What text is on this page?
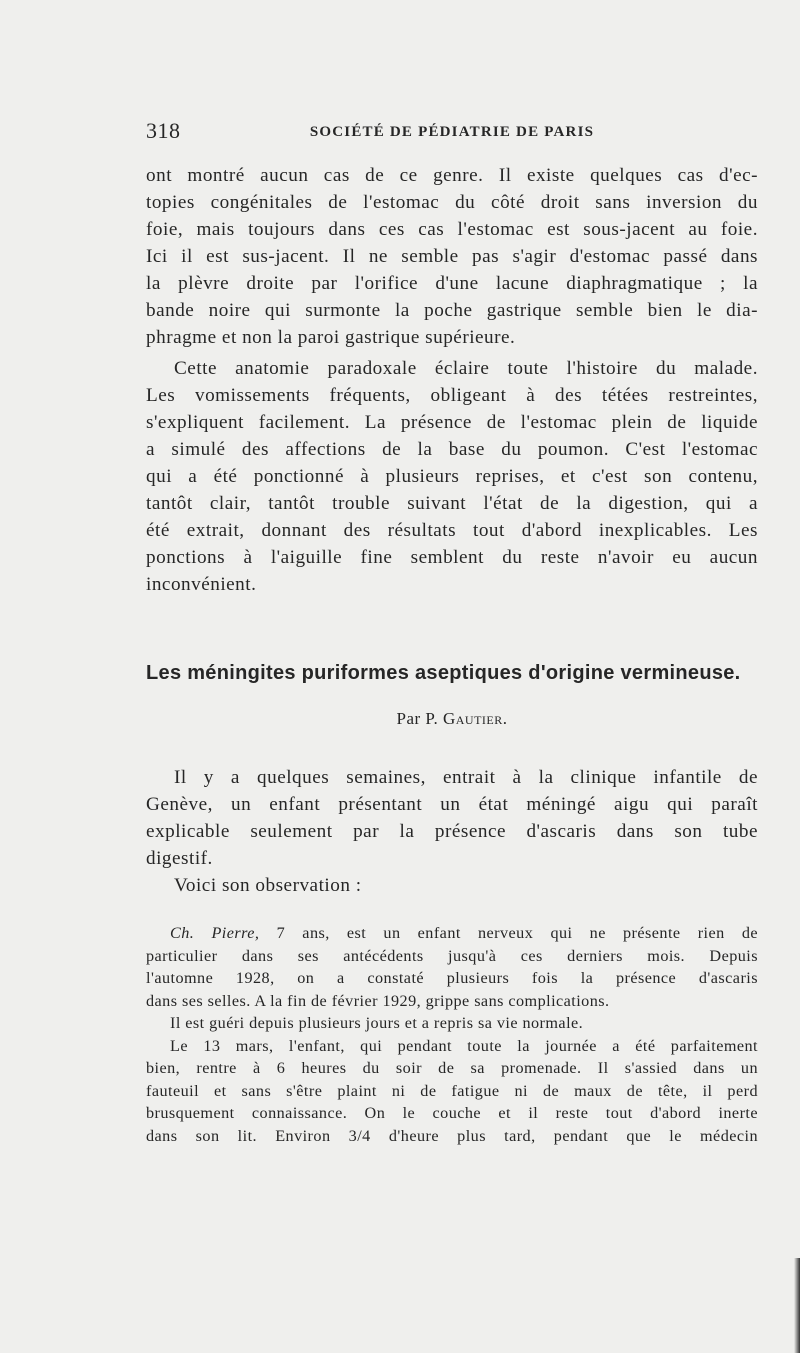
318	SOCIÉTÉ DE PÉDIATRIE DE PARIS
ont montré aucun cas de ce genre. Il existe quelques cas d'ec-
topies congénitales de l'estomac du côté droit sans inversion du
foie, mais toujours dans ces cas l'estomac est sous-jacent au foie.
Ici il est sus-jacent. Il ne semble pas s'agir d'estomac passé dans
la plèvre droite par l'orifice d'une lacune diaphragmatique ; la
bande noire qui surmonte la poche gastrique semble bien le dia-
phragme et non la paroi gastrique supérieure.
Cette anatomie paradoxale éclaire toute l'histoire du malade.
Les vomissements fréquents, obligeant à des tétées restreintes,
s'expliquent facilement. La présence de l'estomac plein de liquide
a simulé des affections de la base du poumon. C'est l'estomac
qui a été ponctionné à plusieurs reprises, et c'est son contenu,
tantôt clair, tantôt trouble suivant l'état de la digestion, qui a
été extrait, donnant des résultats tout d'abord inexplicables. Les
ponctions à l'aiguille fine semblent du reste n'avoir eu aucun
inconvénient.
Les méningites puriformes aseptiques d'origine vermineuse.
Par P. Gautier.
Il y a quelques semaines, entrait à la clinique infantile de
Genève, un enfant présentant un état méningé aigu qui paraît
explicable seulement par la présence d'ascaris dans son tube
digestif.
Voici son observation :
Ch. Pierre, 7 ans, est un enfant nerveux qui ne présente rien de
particulier dans ses antécédents jusqu'à ces derniers mois. Depuis
l'automne 1928, on a constaté plusieurs fois la présence d'ascaris
dans ses selles. A la fin de février 1929, grippe sans complications.
Il est guéri depuis plusieurs jours et a repris sa vie normale.
Le 13 mars, l'enfant, qui pendant toute la journée a été parfaitement
bien, rentre à 6 heures du soir de sa promenade. Il s'assied dans un
fauteuil et sans s'être plaint ni de fatigue ni de maux de tête, il perd
brusquement connaissance. On le couche et il reste tout d'abord inerte
dans son lit. Environ 3/4 d'heure plus tard, pendant que le médecin
